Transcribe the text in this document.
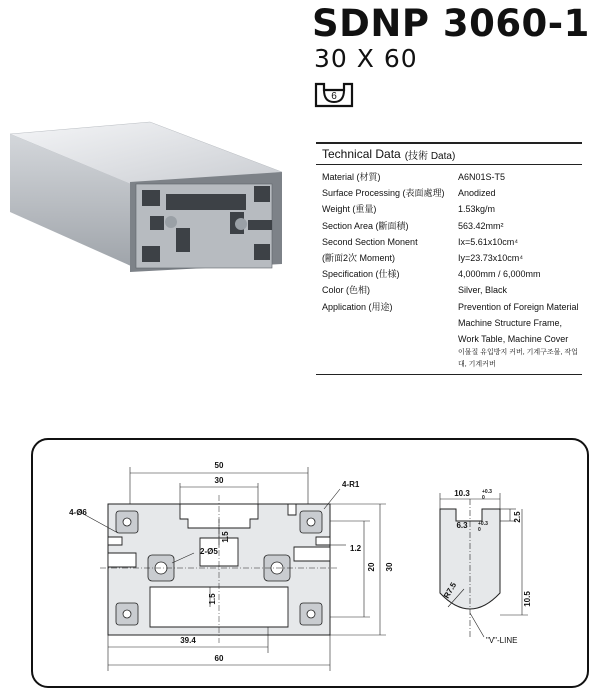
SDNP 3060-1
30 X 60
6
Technical Data (技術 Data)
Material (材質)	A6N01S-T5
Surface Processing (表面處理)	Anodized
Weight (重量)	1.53kg/m
Section Area (斷面積)	563.42mm²
Second Section Monent	Ix=5.61x10cm⁴
(斷面2次 Moment)	Iy=23.73x10cm⁴
Specification (仕様)	4,000mm / 6,000mm
Color (色相)	Silver, Black
Application (用途)	Prevention of Foreign Material
Machine Structure Frame,
Work Table, Machine Cover
이물질 유입방지 커버, 기계구조물, 작업대, 기계커버
50
30
60
39.4
20 30
1.5
1.5
1.2
4-Ø6
2-Ø5
4-R1
10.3 +0.3
0
6.3 +0.3
0
2.5
10.5
R7.5
"V"-LINE
